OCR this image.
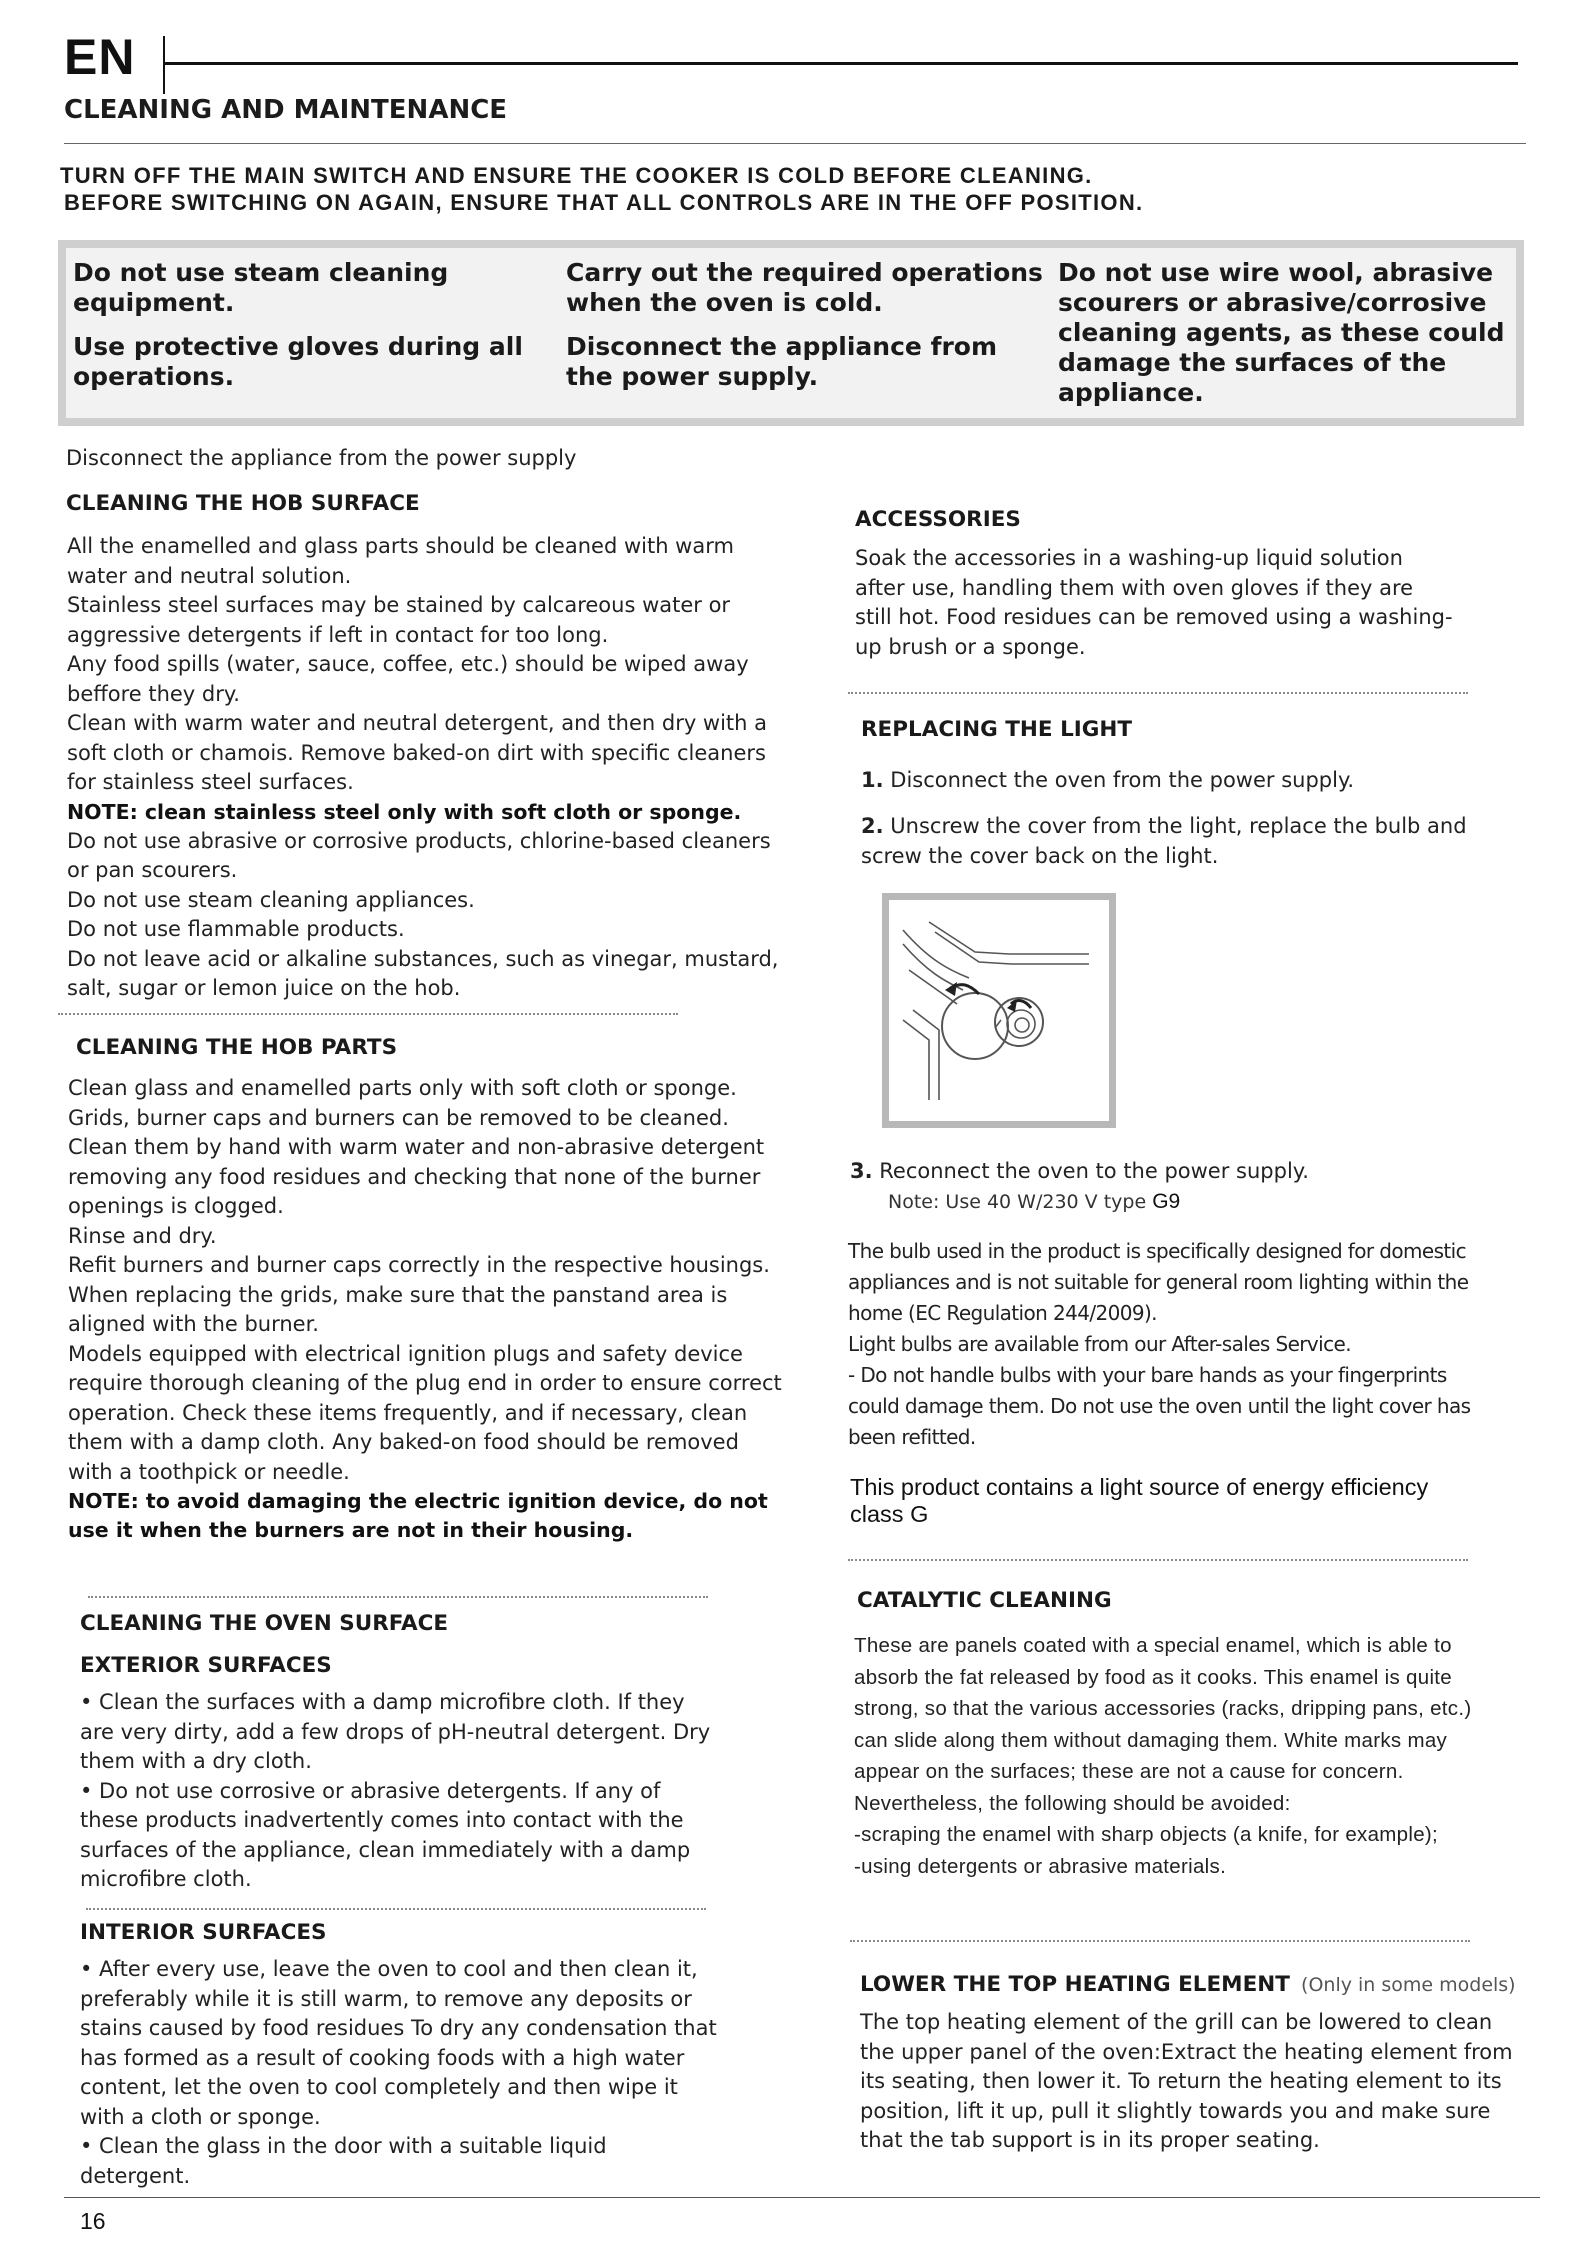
EN
CLEANING AND MAINTENANCE
TURN OFF THE MAIN SWITCH AND ENSURE THE COOKER IS COLD BEFORE CLEANING.
BEFORE SWITCHING ON AGAIN, ENSURE THAT ALL CONTROLS ARE IN THE OFF POSITION.
Do not use steam cleaning equipment.
Use protective gloves during all operations.
Carry out the required operations when the oven is cold.
Disconnect the appliance from the power supply.
Do not use wire wool, abrasive scourers or abrasive/corrosive cleaning agents, as these could damage the surfaces of the appliance.
Disconnect the appliance from the power supply
CLEANING THE HOB SURFACE

All the enamelled and glass parts should be cleaned with warm water and neutral solution.

Stainless steel surfaces may be stained by calcareous water or aggressive detergents if left in contact for too long.

Any food spills (water, sauce, coffee, etc.) should be wiped away beffore they dry.

Clean with warm water and neutral detergent, and then dry with a soft cloth or chamois. Remove baked-on dirt with specific cleaners for stainless steel surfaces.

NOTE: clean stainless steel only with soft cloth or sponge.

Do not use abrasive or corrosive products, chlorine-based cleaners or pan scourers.

Do not use steam cleaning appliances.

Do not use flammable products.

Do not leave acid or alkaline substances, such as vinegar, mustard, salt, sugar or lemon juice on the hob.

CLEANING THE HOB PARTS

Clean glass and enamelled parts only with soft cloth or sponge.

Grids, burner caps and burners can be removed to be cleaned.

Clean them by hand with warm water and non-abrasive detergent removing any food residues and checking that none of the burner openings is clogged.

Rinse and dry.

Refit burners and burner caps correctly in the respective housings.

When replacing the grids, make sure that the panstand area is aligned with the burner.

Models equipped with electrical ignition plugs and safety device require thorough cleaning of the plug end in order to ensure correct operation. Check these items frequently, and if necessary, clean them with a damp cloth. Any baked-on food should be removed with a toothpick or needle.

NOTE: to avoid damaging the electric ignition device, do not use it when the burners are not in their housing.

CLEANING THE OVEN SURFACE
EXTERIOR SURFACES

• Clean the surfaces with a damp microfibre cloth. If they are very dirty, add a few drops of pH-neutral detergent. Dry them with a dry cloth.

• Do not use corrosive or abrasive detergents. If any of these products inadvertently comes into contact with the surfaces of the appliance, clean immediately with a damp microfibre cloth.

INTERIOR SURFACES

• After every use, leave the oven to cool and then clean it, preferably while it is still warm, to remove any deposits or stains caused by food residues To dry any condensation that has formed as a result of cooking foods with a high water content, let the oven to cool completely and then wipe it with a cloth or sponge.

• Clean the glass in the door with a suitable liquid detergent.

ACCESSORIES

Soak the accessories in a washing-up liquid solution after use, handling them with oven gloves if they are still hot. Food residues can be removed using a washing-up brush or a sponge.

REPLACING THE LIGHT
1. Disconnect the oven from the power supply.
2. Unscrew the cover from the light, replace the bulb and screw the cover back on the light.
3. Reconnect the oven to the power supply.
Note: Use 40 W/230 V type G9

The bulb used in the product is specifically designed for domestic appliances and is not suitable for general room lighting within the home (EC Regulation 244/2009).

Light bulbs are available from our After-sales Service.

- Do not handle bulbs with your bare hands as your fingerprints could damage them. Do not use the oven until the light cover has been refitted.

This product contains a light source of energy efficiency class G
CATALYTIC CLEANING

These are panels coated with a special enamel, which is able to absorb the fat released by food as it cooks. This enamel is quite strong, so that the various accessories (racks, dripping pans, etc.) can slide along them without damaging them. White marks may appear on the surfaces; these are not a cause for concern.

Nevertheless, the following should be avoided:

-scraping the enamel with sharp objects (a knife, for example);

-using detergents or abrasive materials.

LOWER THE TOP HEATING ELEMENT (Only in some models)
The top heating element of the grill can be lowered to clean the upper panel of the oven:Extract the heating element from its seating, then lower it. To return the heating element to its position, lift it up, pull it slightly towards you and make sure that the tab support is in its proper seating.
16
